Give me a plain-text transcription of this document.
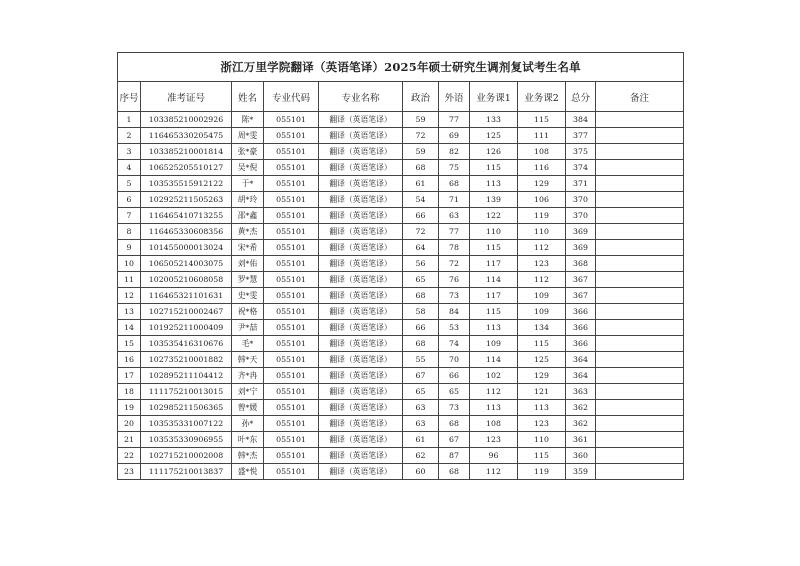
浙江万里学院翻译（英语笔译）2025年硕士研究生调剂复试考生名单										
序号	准考证号	姓名	专业代码	专业名称	政治	外语	业务课1	业务课2	总分	备注
1	103385210002926	陈*	055101	翻译（英语笔译）	59	77	133	115	384	
2	116465330205475	周*雯	055101	翻译（英语笔译）	72	69	125	111	377	
3	103385210001814	张*豪	055101	翻译（英语笔译）	59	82	126	108	375	
4	106525205510127	吴*倪	055101	翻译（英语笔译）	68	75	115	116	374	
5	103535515912122	于*	055101	翻译（英语笔译）	61	68	113	129	371	
6	102925211505263	胡*玲	055101	翻译（英语笔译）	54	71	139	106	370	
7	116465410713255	邵*鑫	055101	翻译（英语笔译）	66	63	122	119	370	
8	116465330608356	黄*杰	055101	翻译（英语笔译）	72	77	110	110	369	
9	101455000013024	宋*希	055101	翻译（英语笔译）	64	78	115	112	369	
10	106505214003075	刘*佑	055101	翻译（英语笔译）	56	72	117	123	368	
11	102005210608058	罗*慧	055101	翻译（英语笔译）	65	76	114	112	367	
12	116465321101631	史*雯	055101	翻译（英语笔译）	68	73	117	109	367	
13	102715210002467	祝*格	055101	翻译（英语笔译）	58	84	115	109	366	
14	101925211000409	尹*喆	055101	翻译（英语笔译）	66	53	113	134	366	
15	103535416310676	毛*	055101	翻译（英语笔译）	68	74	109	115	366	
16	102735210001882	韩*天	055101	翻译（英语笔译）	55	70	114	125	364	
17	102895211104412	齐*冉	055101	翻译（英语笔译）	67	66	102	129	364	
18	111175210013015	刘*宁	055101	翻译（英语笔译）	65	65	112	121	363	
19	102985211506365	曾*媛	055101	翻译（英语笔译）	63	73	113	113	362	
20	103535331007122	孙*	055101	翻译（英语笔译）	63	68	108	123	362	
21	103535330906955	叶*东	055101	翻译（英语笔译）	61	67	123	110	361	
22	102715210002008	韩*杰	055101	翻译（英语笔译）	62	87	96	115	360	
23	111175210013837	盛*悦	055101	翻译（英语笔译）	60	68	112	119	359	
